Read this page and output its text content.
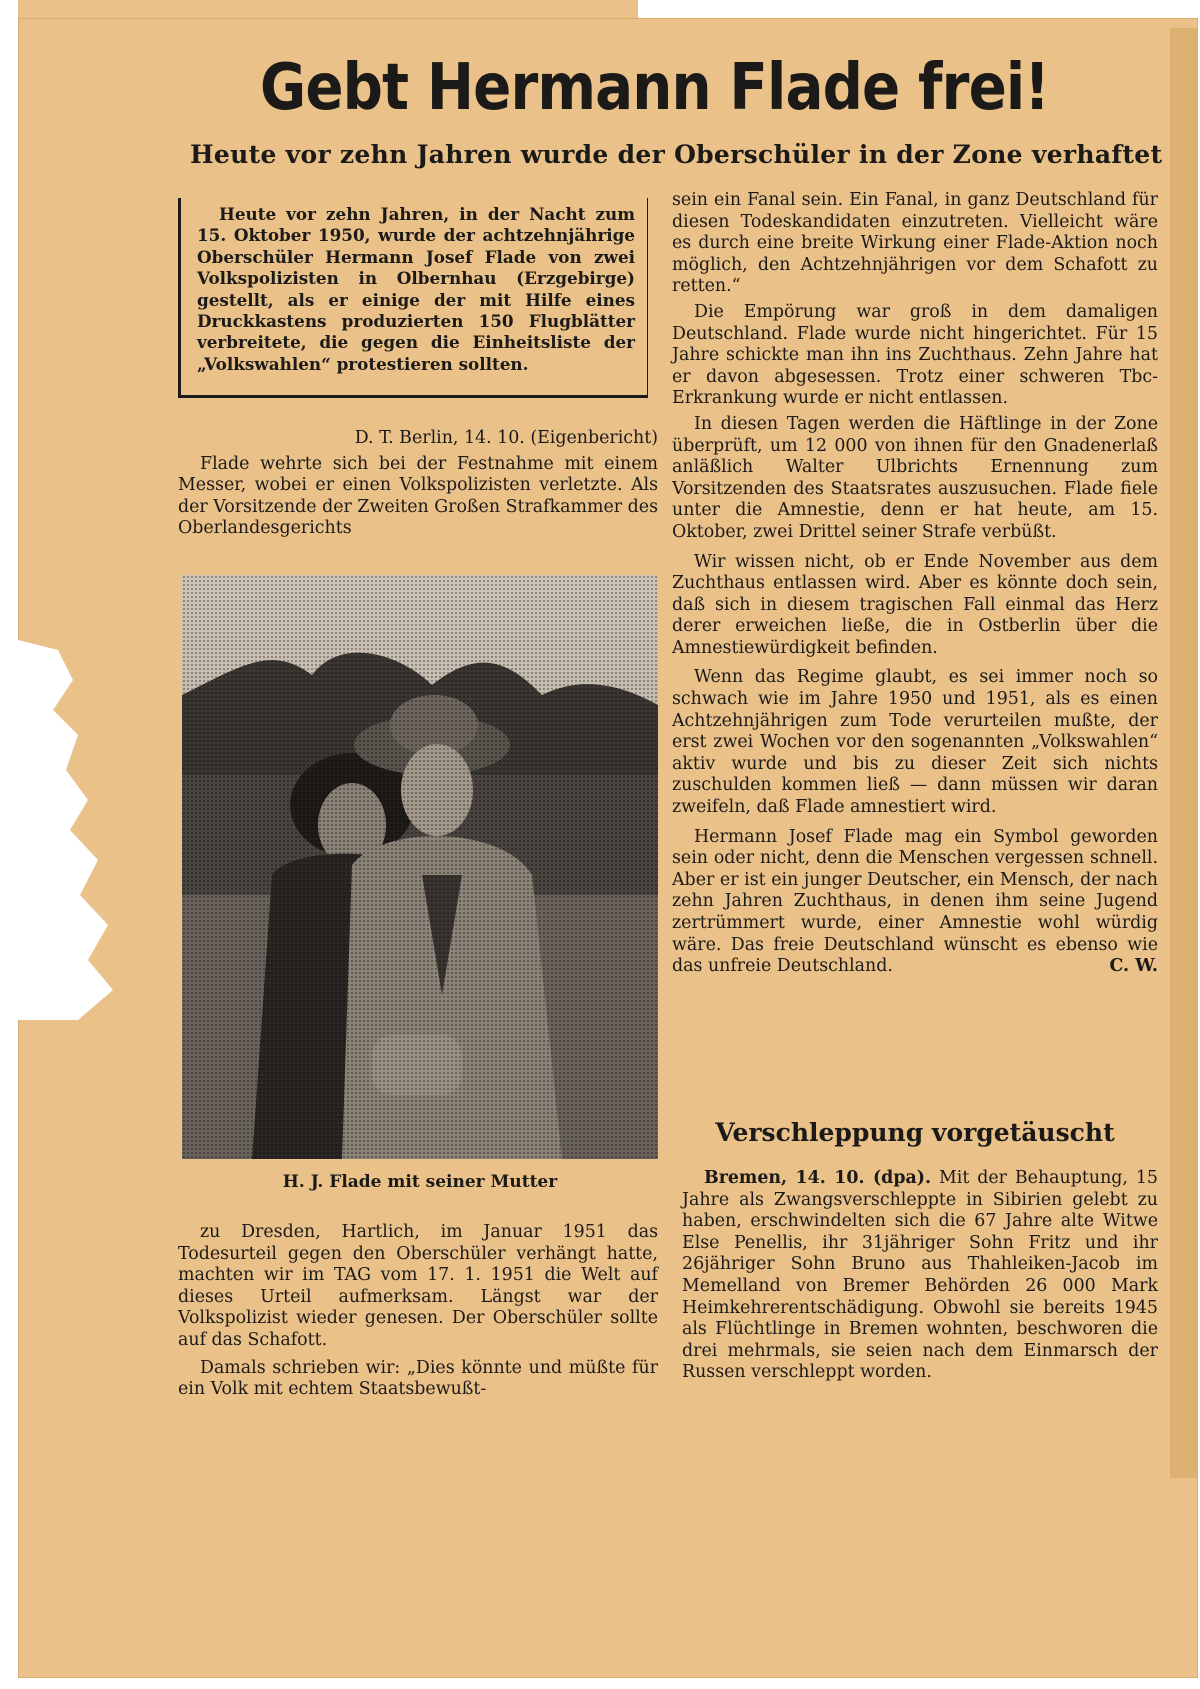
Gebt Hermann Flade frei!
Heute vor zehn Jahren wurde der Oberschüler in der Zone verhaftet

Heute vor zehn Jahren, in der Nacht zum 15. Oktober 1950, wurde der achtzehnjährige Oberschüler Hermann Josef Flade von zwei Volkspolizisten in Olbernhau (Erzgebirge) gestellt, als er einige der mit Hilfe eines Druckkastens produzierten 150 Flugblätter verbreitete, die gegen die Einheitsliste der „Volkswahlen“ protestieren sollten.

D. T. Berlin, 14. 10. (Eigenbericht)

Flade wehrte sich bei der Festnahme mit einem Messer, wobei er einen Volkspolizisten verletzte. Als der Vorsitzende der Zweiten Großen Strafkammer des Oberlandesgerichts

H. J. Flade mit seiner Mutter

zu Dresden, Hartlich, im Januar 1951 das Todesurteil gegen den Oberschüler verhängt hatte, machten wir im TAG vom 17. 1. 1951 die Welt auf dieses Urteil aufmerksam. Längst war der Volkspolizist wieder genesen. Der Oberschüler sollte auf das Schafott.

Damals schrieben wir: „Dies könnte und müßte für ein Volk mit echtem Staatsbewußt-

sein ein Fanal sein. Ein Fanal, in ganz Deutschland für diesen Todeskandidaten einzutreten. Vielleicht wäre es durch eine breite Wirkung einer Flade-Aktion noch möglich, den Achtzehnjährigen vor dem Schafott zu retten.“

Die Empörung war groß in dem damaligen Deutschland. Flade wurde nicht hingerichtet. Für 15 Jahre schickte man ihn ins Zuchthaus. Zehn Jahre hat er davon abgesessen. Trotz einer schweren Tbc-Erkrankung wurde er nicht entlassen.

In diesen Tagen werden die Häftlinge in der Zone überprüft, um 12 000 von ihnen für den Gnadenerlaß anläßlich Walter Ulbrichts Ernennung zum Vorsitzenden des Staatsrates auszusuchen. Flade fiele unter die Amnestie, denn er hat heute, am 15. Oktober, zwei Drittel seiner Strafe verbüßt.

Wir wissen nicht, ob er Ende November aus dem Zuchthaus entlassen wird. Aber es könnte doch sein, daß sich in diesem tragischen Fall einmal das Herz derer erweichen ließe, die in Ostberlin über die Amnestiewürdigkeit befinden.

Wenn das Regime glaubt, es sei immer noch so schwach wie im Jahre 1950 und 1951, als es einen Achtzehnjährigen zum Tode verurteilen mußte, der erst zwei Wochen vor den sogenannten „Volkswahlen“ aktiv wurde und bis zu dieser Zeit sich nichts zuschulden kommen ließ — dann müssen wir daran zweifeln, daß Flade amnestiert wird.

Hermann Josef Flade mag ein Symbol geworden sein oder nicht, denn die Menschen vergessen schnell. Aber er ist ein junger Deutscher, ein Mensch, der nach zehn Jahren Zuchthaus, in denen ihm seine Jugend zertrümmert wurde, einer Amnestie wohl würdig wäre. Das freie Deutschland wünscht es ebenso wie das unfreie Deutschland.	C. W.

Verschleppung vorgetäuscht

Bremen, 14. 10. (dpa). Mit der Behauptung, 15 Jahre als Zwangsverschleppte in Sibirien gelebt zu haben, erschwindelten sich die 67 Jahre alte Witwe Else Penellis, ihr 31jähriger Sohn Fritz und ihr 26jähriger Sohn Bruno aus Thahleiken-Jacob im Memelland von Bremer Behörden 26 000 Mark Heimkehrerentschädigung. Obwohl sie bereits 1945 als Flüchtlinge in Bremen wohnten, beschworen die drei mehrmals, sie seien nach dem Einmarsch der Russen verschleppt worden.
